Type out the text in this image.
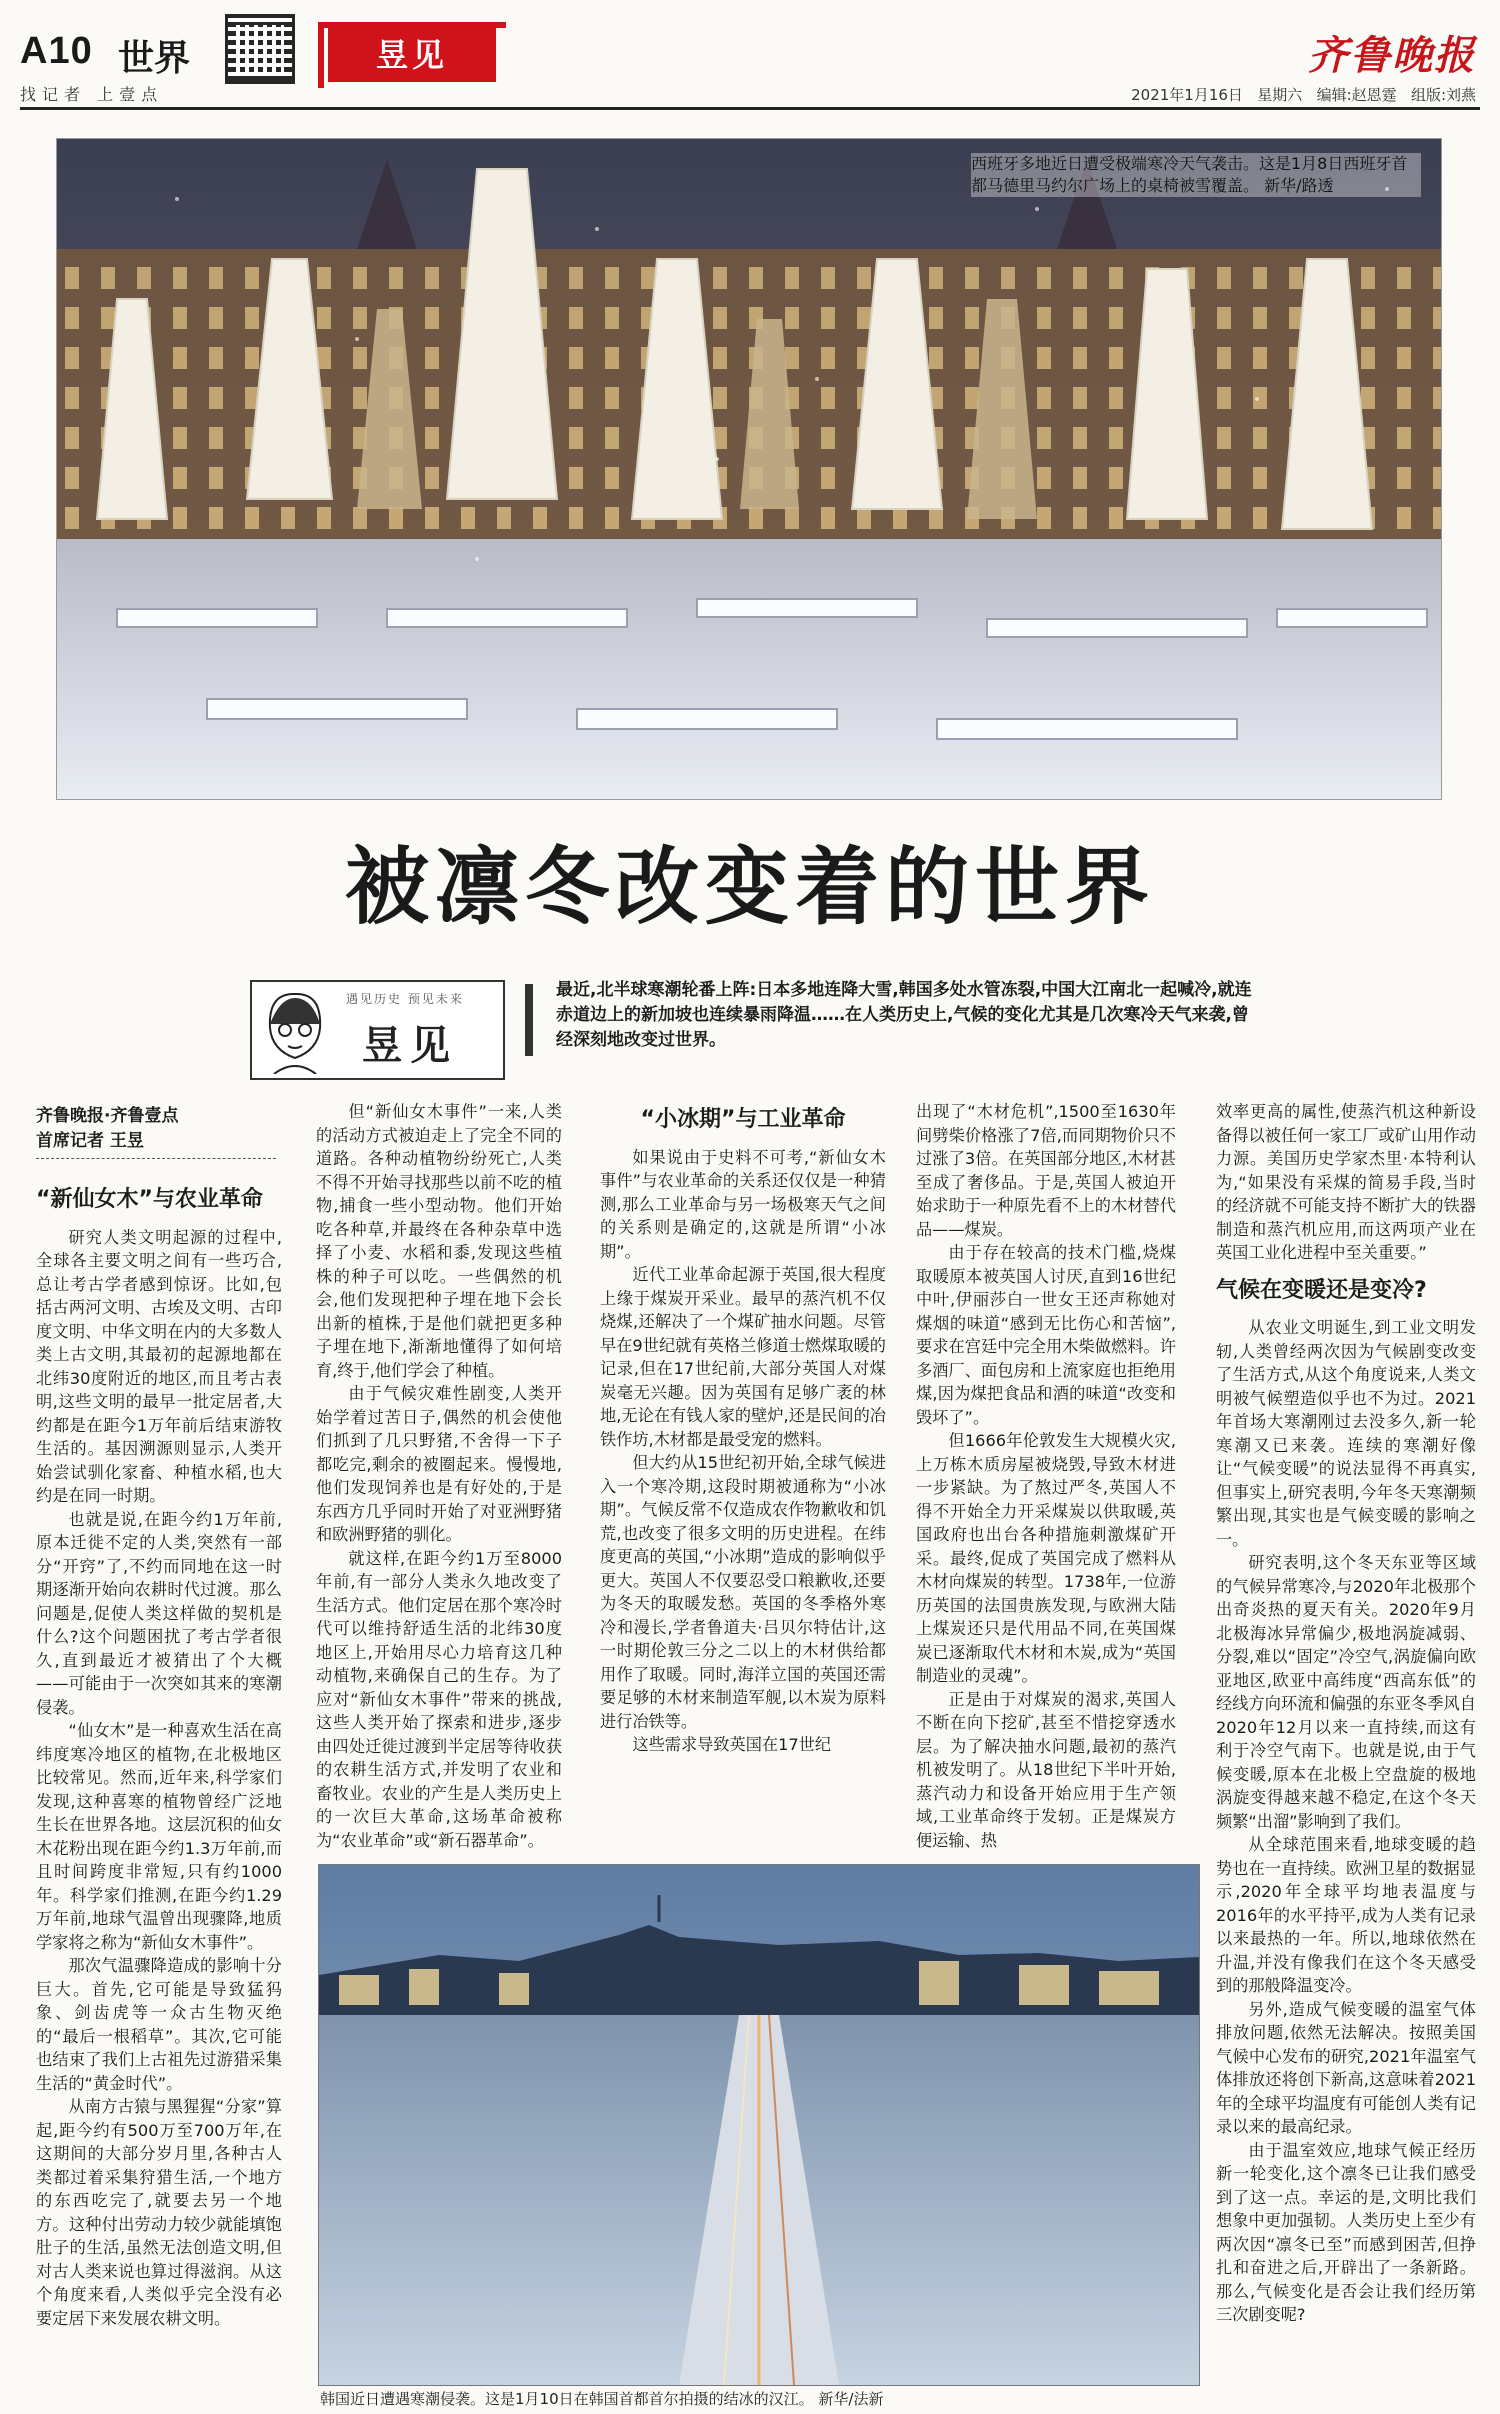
A10 世界
找记者 上壹点
昱见	齐鲁晚报
2021年1月16日 星期六 编辑:赵恩霆 组版:刘燕
西班牙多地近日遭受极端寒冷天气袭击。这是1月8日西班牙首都马德里马约尔广场上的桌椅被雪覆盖。 新华/路透
被凛冬改变着的世界
遇见历史 预见未来
昱见
最近,北半球寒潮轮番上阵:日本多地连降大雪,韩国多处水管冻裂,中国大江南北一起喊冷,就连赤道边上的新加坡也连续暴雨降温……在人类历史上,气候的变化尤其是几次寒冷天气来袭,曾经深刻地改变过世界。
齐鲁晚报·齐鲁壹点
首席记者 王昱
“新仙女木”与农业革命

研究人类文明起源的过程中,全球各主要文明之间有一些巧合,总让考古学者感到惊讶。比如,包括古两河文明、古埃及文明、古印度文明、中华文明在内的大多数人类上古文明,其最初的起源地都在北纬30度附近的地区,而且考古表明,这些文明的最早一批定居者,大约都是在距今1万年前后结束游牧生活的。基因溯源则显示,人类开始尝试驯化家畜、种植水稻,也大约是在同一时期。

也就是说,在距今约1万年前,原本迁徙不定的人类,突然有一部分“开窍”了,不约而同地在这一时期逐渐开始向农耕时代过渡。那么问题是,促使人类这样做的契机是什么?这个问题困扰了考古学者很久,直到最近才被猜出了个大概——可能由于一次突如其来的寒潮侵袭。

“仙女木”是一种喜欢生活在高纬度寒冷地区的植物,在北极地区比较常见。然而,近年来,科学家们发现,这种喜寒的植物曾经广泛地生长在世界各地。这层沉积的仙女木花粉出现在距今约1.3万年前,而且时间跨度非常短,只有约1000年。科学家们推测,在距今约1.29万年前,地球气温曾出现骤降,地质学家将之称为“新仙女木事件”。

那次气温骤降造成的影响十分巨大。首先,它可能是导致猛犸象、剑齿虎等一众古生物灭绝的“最后一根稻草”。其次,它可能也结束了我们上古祖先过游猎采集生活的“黄金时代”。

从南方古猿与黑猩猩“分家”算起,距今约有500万至700万年,在这期间的大部分岁月里,各种古人类都过着采集狩猎生活,一个地方的东西吃完了,就要去另一个地方。这种付出劳动力较少就能填饱肚子的生活,虽然无法创造文明,但对古人类来说也算过得滋润。从这个角度来看,人类似乎完全没有必要定居下来发展农耕文明。

但“新仙女木事件”一来,人类的活动方式被迫走上了完全不同的道路。各种动植物纷纷死亡,人类不得不开始寻找那些以前不吃的植物,捕食一些小型动物。他们开始吃各种草,并最终在各种杂草中选择了小麦、水稻和黍,发现这些植株的种子可以吃。一些偶然的机会,他们发现把种子埋在地下会长出新的植株,于是他们就把更多种子埋在地下,渐渐地懂得了如何培育,终于,他们学会了种植。

由于气候灾难性剧变,人类开始学着过苦日子,偶然的机会使他们抓到了几只野猪,不舍得一下子都吃完,剩余的被圈起来。慢慢地,他们发现饲养也是有好处的,于是东西方几乎同时开始了对亚洲野猪和欧洲野猪的驯化。

就这样,在距今约1万至8000年前,有一部分人类永久地改变了生活方式。他们定居在那个寒冷时代可以维持舒适生活的北纬30度地区上,开始用尽心力培育这几种动植物,来确保自己的生存。为了应对“新仙女木事件”带来的挑战,这些人类开始了探索和进步,逐步由四处迁徙过渡到半定居等待收获的农耕生活方式,并发明了农业和畜牧业。农业的产生是人类历史上的一次巨大革命,这场革命被称为“农业革命”或“新石器革命”。

“小冰期”与工业革命

如果说由于史料不可考,“新仙女木事件”与农业革命的关系还仅仅是一种猜测,那么工业革命与另一场极寒天气之间的关系则是确定的,这就是所谓“小冰期”。

近代工业革命起源于英国,很大程度上缘于煤炭开采业。最早的蒸汽机不仅烧煤,还解决了一个煤矿抽水问题。尽管早在9世纪就有英格兰修道士燃煤取暖的记录,但在17世纪前,大部分英国人对煤炭毫无兴趣。因为英国有足够广袤的林地,无论在有钱人家的壁炉,还是民间的冶铁作坊,木材都是最受宠的燃料。

但大约从15世纪初开始,全球气候进入一个寒冷期,这段时期被通称为“小冰期”。气候反常不仅造成农作物歉收和饥荒,也改变了很多文明的历史进程。在纬度更高的英国,“小冰期”造成的影响似乎更大。英国人不仅要忍受口粮歉收,还要为冬天的取暖发愁。英国的冬季格外寒冷和漫长,学者鲁道夫·吕贝尔特估计,这一时期伦敦三分之二以上的木材供给都用作了取暖。同时,海洋立国的英国还需要足够的木材来制造军舰,以木炭为原料进行冶铁等。

这些需求导致英国在17世纪

出现了“木材危机”,1500至1630年间劈柴价格涨了7倍,而同期物价只不过涨了3倍。在英国部分地区,木材甚至成了奢侈品。于是,英国人被迫开始求助于一种原先看不上的木材替代品——煤炭。

由于存在较高的技术门槛,烧煤取暖原本被英国人讨厌,直到16世纪中叶,伊丽莎白一世女王还声称她对煤烟的味道“感到无比伤心和苦恼”,要求在宫廷中完全用木柴做燃料。许多酒厂、面包房和上流家庭也拒绝用煤,因为煤把食品和酒的味道“改变和毁坏了”。

但1666年伦敦发生大规模火灾,上万栋木质房屋被烧毁,导致木材进一步紧缺。为了熬过严冬,英国人不得不开始全力开采煤炭以供取暖,英国政府也出台各种措施刺激煤矿开采。最终,促成了英国完成了燃料从木材向煤炭的转型。1738年,一位游历英国的法国贵族发现,与欧洲大陆上煤炭还只是代用品不同,在英国煤炭已逐渐取代木材和木炭,成为“英国制造业的灵魂”。

正是由于对煤炭的渴求,英国人不断在向下挖矿,甚至不惜挖穿透水层。为了解决抽水问题,最初的蒸汽机被发明了。从18世纪下半叶开始,蒸汽动力和设备开始应用于生产领域,工业革命终于发轫。正是煤炭方便运输、热

效率更高的属性,使蒸汽机这种新设备得以被任何一家工厂或矿山用作动力源。美国历史学家杰里·本特利认为,“如果没有采煤的简易手段,当时的经济就不可能支持不断扩大的铁器制造和蒸汽机应用,而这两项产业在英国工业化进程中至关重要。”

气候在变暖还是变冷?

从农业文明诞生,到工业文明发轫,人类曾经两次因为气候剧变改变了生活方式,从这个角度说来,人类文明被气候塑造似乎也不为过。2021年首场大寒潮刚过去没多久,新一轮寒潮又已来袭。连续的寒潮好像让“气候变暖”的说法显得不再真实,但事实上,研究表明,今年冬天寒潮频繁出现,其实也是气候变暖的影响之一。

研究表明,这个冬天东亚等区域的气候异常寒冷,与2020年北极那个出奇炎热的夏天有关。2020年9月北极海冰异常偏少,极地涡旋减弱、分裂,难以“固定”冷空气,涡旋偏向欧亚地区,欧亚中高纬度“西高东低”的经线方向环流和偏强的东亚冬季风自2020年12月以来一直持续,而这有利于冷空气南下。也就是说,由于气候变暖,原本在北极上空盘旋的极地涡旋变得越来越不稳定,在这个冬天频繁“出溜”影响到了我们。

从全球范围来看,地球变暖的趋势也在一直持续。欧洲卫星的数据显示,2020年全球平均地表温度与2016年的水平持平,成为人类有记录以来最热的一年。所以,地球依然在升温,并没有像我们在这个冬天感受到的那般降温变冷。

另外,造成气候变暖的温室气体排放问题,依然无法解决。按照美国气候中心发布的研究,2021年温室气体排放还将创下新高,这意味着2021年的全球平均温度有可能创人类有记录以来的最高纪录。

由于温室效应,地球气候正经历新一轮变化,这个凛冬已让我们感受到了这一点。幸运的是,文明比我们想象中更加强韧。人类历史上至少有两次因“凛冬已至”而感到困苦,但挣扎和奋进之后,开辟出了一条新路。那么,气候变化是否会让我们经历第三次剧变呢?

韩国近日遭遇寒潮侵袭。这是1月10日在韩国首都首尔拍摄的结冰的汉江。 新华/法新
